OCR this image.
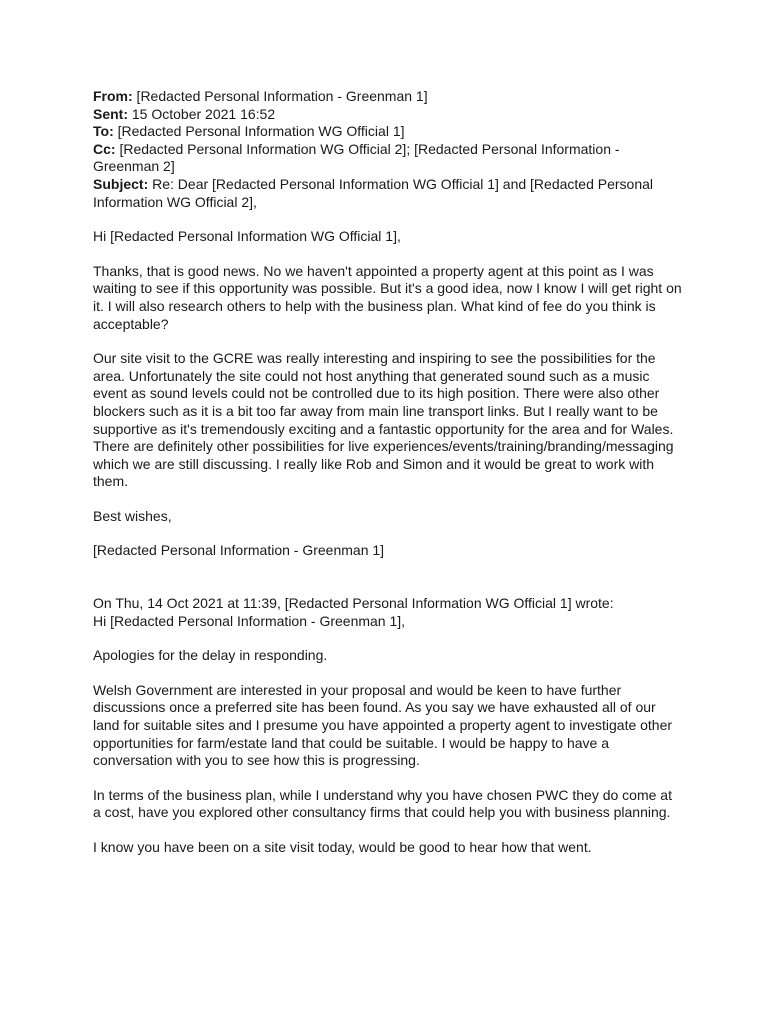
From: [Redacted Personal Information - Greenman 1]

Sent: 15 October 2021 16:52

To: [Redacted Personal Information WG Official 1]

Cc: [Redacted Personal Information WG Official 2]; [Redacted Personal Information - Greenman 2]

Subject: Re: Dear [Redacted Personal Information WG Official 1] and [Redacted Personal Information WG Official 2],

Hi [Redacted Personal Information WG Official 1],

Thanks, that is good news. No we haven't appointed a property agent at this point as I was waiting to see if this opportunity was possible. But it's a good idea, now I know I will get right on it. I will also research others to help with the business plan. What kind of fee do you think is acceptable?

Our site visit to the GCRE was really interesting and inspiring to see the possibilities for the area. Unfortunately the site could not host anything that generated sound such as a music event as sound levels could not be controlled due to its high position. There were also other blockers such as it is a bit too far away from main line transport links. But I really want to be supportive as it's tremendously exciting and a fantastic opportunity for the area and for Wales. There are definitely other possibilities for live experiences/events/training/branding/messaging which we are still discussing. I really like Rob and Simon and it would be great to work with them.

Best wishes,

[Redacted Personal Information - Greenman 1]

On Thu, 14 Oct 2021 at 11:39, [Redacted Personal Information WG Official 1] wrote:

Hi [Redacted Personal Information - Greenman 1],

Apologies for the delay in responding.

Welsh Government are interested in your proposal and would be keen to have further discussions once a preferred site has been found. As you say we have exhausted all of our land for suitable sites and I presume you have appointed a property agent to investigate other opportunities for farm/estate land that could be suitable. I would be happy to have a conversation with you to see how this is progressing.

In terms of the business plan, while I understand why you have chosen PWC they do come at a cost, have you explored other consultancy firms that could help you with business planning.

I know you have been on a site visit today, would be good to hear how that went.
